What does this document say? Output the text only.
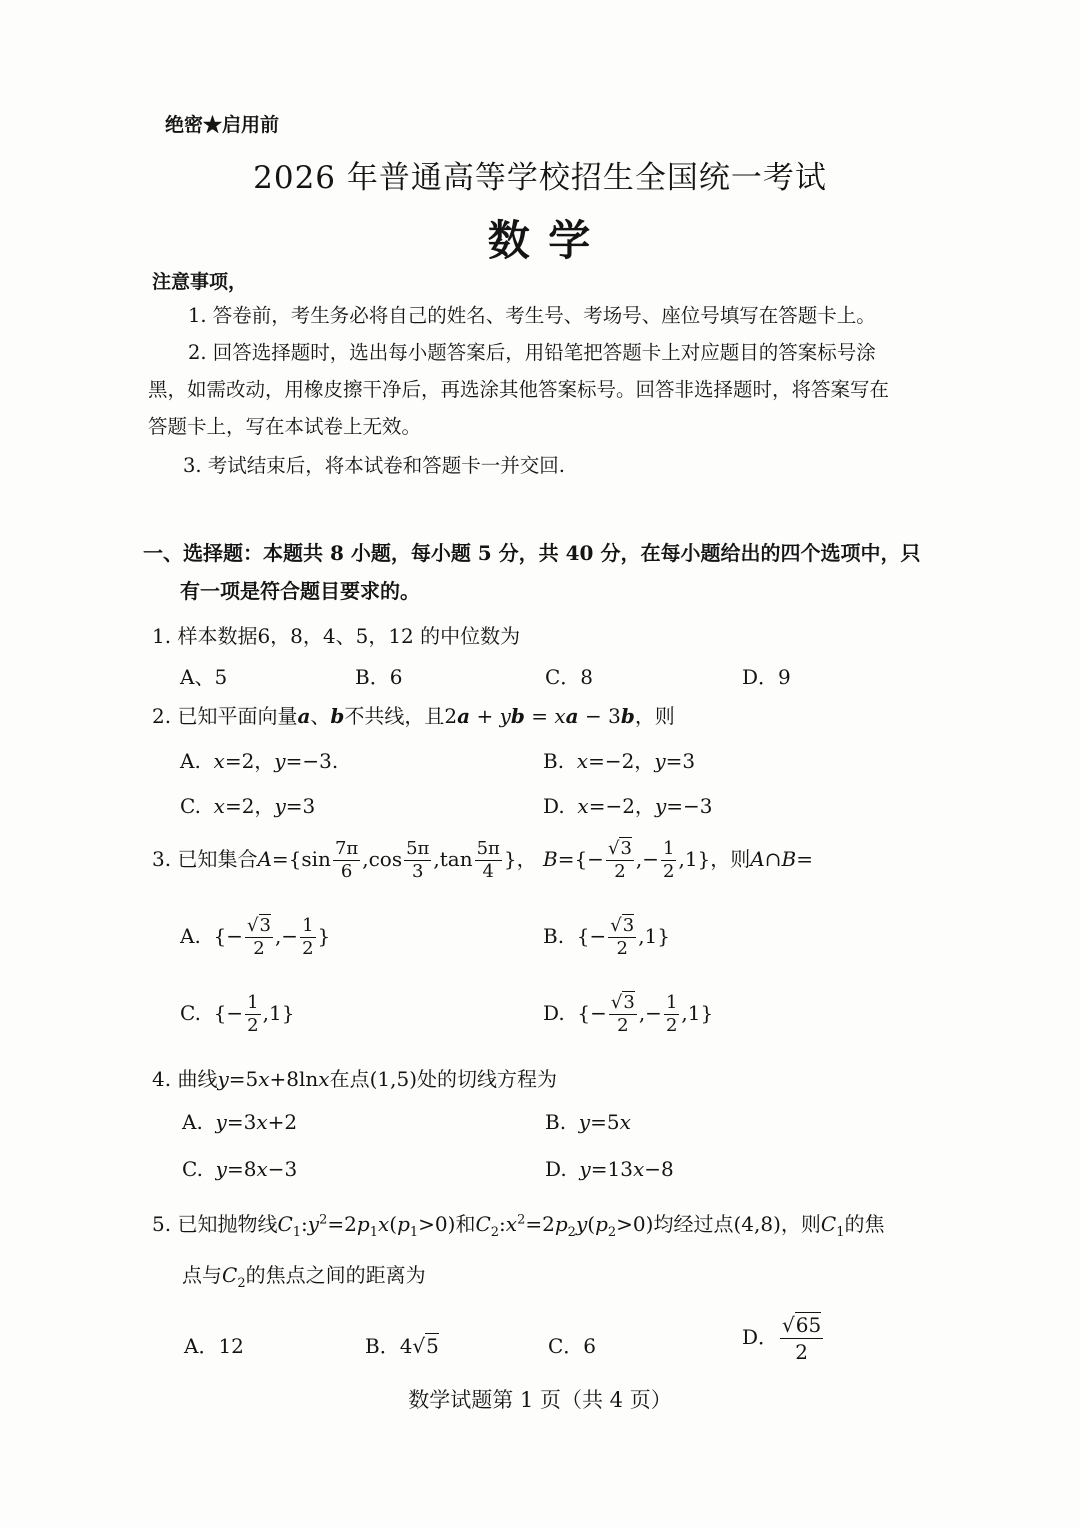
绝密★启用前
2026 年普通高等学校招生全国统一考试
数 学
注意事项，
1. 答卷前，考生务必将自己的姓名、考生号、考场号、座位号填写在答题卡上。
2. 回答选择题时，选出每小题答案后，用铅笔把答题卡上对应题目的答案标号涂
黑，如需改动，用橡皮擦干净后，再选涂其他答案标号。回答非选择题时，将答案写在
答题卡上，写在本试卷上无效。
3. 考试结束后，将本试卷和答题卡一并交回.
一、选择题：本题共 8 小题，每小题 5 分，共 40 分，在每小题给出的四个选项中，只
有一项是符合题目要求的。
1. 样本数据6，8，4、5，12 的中位数为
A、5	B．6	C．8	D．9
2. 已知平面向量a、b不共线，且2a + yb = xa − 3b，则
A. x=2，y=−3.	B. x=−2，y=3
C. x=2，y=3	D. x=−2，y=−3
3. 已知集合$A=\{\sin \frac{7\pi}{6} ,\cos \frac{5\pi}{3} ,\tan \frac{5\pi}{4}$ }， $B=\{- \frac{√3}{2}$ ,− $\frac{1}{2} ,1$}，则A∩B=
A.  {− $\frac{√3}{2}$ ,− $\frac{1}{2}$ }	B.  {− $\frac{√3}{2} ,1$}
C.  {− $\frac{1}{2} ,1$}	D.  {− $\frac{√3}{2}$ ,− $\frac{1}{2} ,1$}
4. 曲线y=5x+8lnx在点(1,5)处的切线方程为
A. y=3x+2	B. y=5x
C. y=8x−3	D. y=13x−8
5. 已知抛物线$C_1:y^2=2p_1x(p_1>0)$和$C_2:x^2=2p_2y(p_2>0)$均经过点(4,8)，则$C_1$的焦
点与$C_2$的焦点之间的距离为
A．12	B．4√5	C．6	D． $\frac{√65}{2}$
数学试题第 1 页（共 4 页）
